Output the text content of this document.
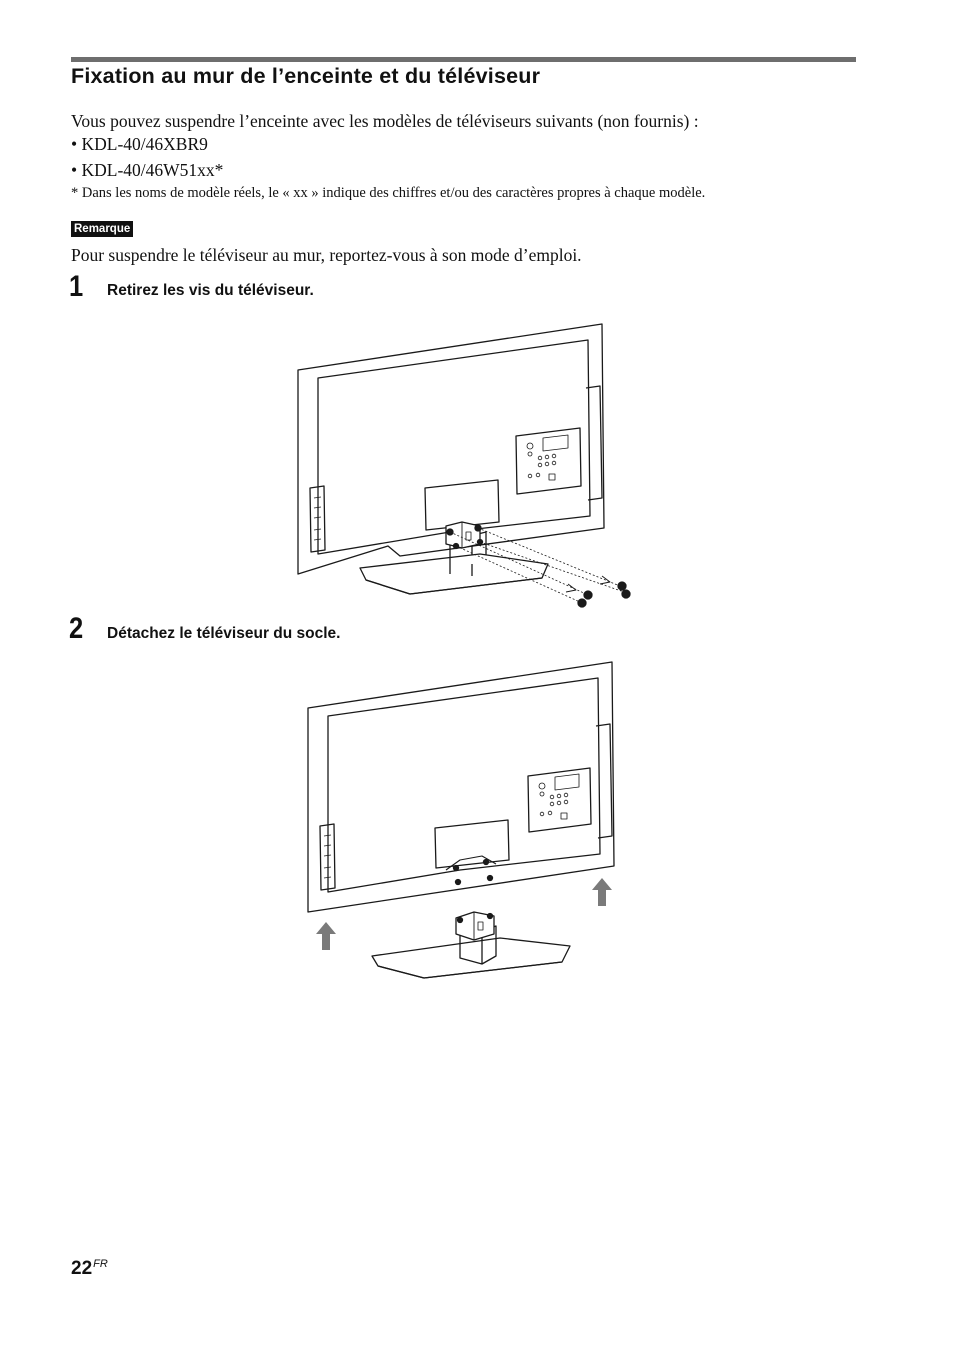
Fixation au mur de l’enceinte et du téléviseur
Vous pouvez suspendre l’enceinte avec les modèles de téléviseurs suivants (non fournis) :
• KDL-40/46XBR9
• KDL-40/46W51xx*
* Dans les noms de modèle réels, le « xx » indique des chiffres et/ou des caractères propres à chaque modèle.
Remarque
Pour suspendre le téléviseur au mur, reportez-vous à son mode d’emploi.
1 Retirez les vis du téléviseur.
2 Détachez le téléviseur du socle.
$22^{FR}$
